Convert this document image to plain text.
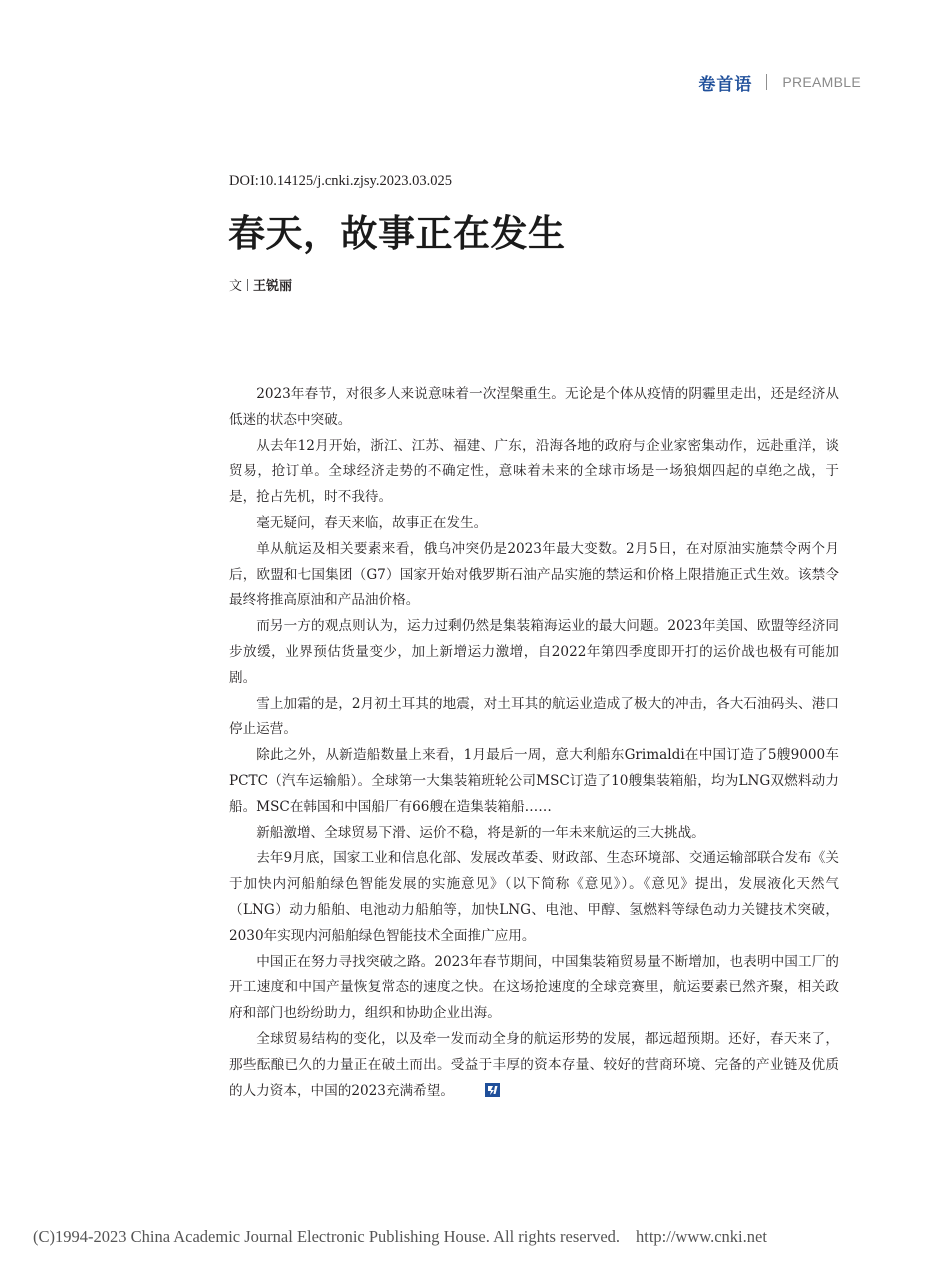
卷首语 PREAMBLE
DOI:10.14125/j.cnki.zjsy.2023.03.025
春天，故事正在发生
文 王锐丽

2023年春节，对很多人来说意味着一次涅槃重生。无论是个体从疫情的阴霾里走出，还是经济从低迷的状态中突破。

从去年12月开始，浙江、江苏、福建、广东，沿海各地的政府与企业家密集动作，远赴重洋，谈贸易，抢订单。全球经济走势的不确定性，意味着未来的全球市场是一场狼烟四起的卓绝之战，于是，抢占先机，时不我待。

毫无疑问，春天来临，故事正在发生。

单从航运及相关要素来看，俄乌冲突仍是2023年最大变数。2月5日，在对原油实施禁令两个月后，欧盟和七国集团（G7）国家开始对俄罗斯石油产品实施的禁运和价格上限措施正式生效。该禁令最终将推高原油和产品油价格。

而另一方的观点则认为，运力过剩仍然是集装箱海运业的最大问题。2023年美国、欧盟等经济同步放缓，业界预估货量变少，加上新增运力激增，自2022年第四季度即开打的运价战也极有可能加剧。

雪上加霜的是，2月初土耳其的地震，对土耳其的航运业造成了极大的冲击，各大石油码头、港口停止运营。

除此之外，从新造船数量上来看，1月最后一周，意大利船东Grimaldi在中国订造了5艘9000车PCTC（汽车运输船）。全球第一大集装箱班轮公司MSC订造了10艘集装箱船，均为LNG双燃料动力船。MSC在韩国和中国船厂有66艘在造集装箱船……

新船激增、全球贸易下滑、运价不稳，将是新的一年未来航运的三大挑战。

去年9月底，国家工业和信息化部、发展改革委、财政部、生态环境部、交通运输部联合发布《关于加快内河船舶绿色智能发展的实施意见》（以下简称《意见》）。《意见》提出，发展液化天然气（LNG）动力船舶、电池动力船舶等，加快LNG、电池、甲醇、氢燃料等绿色动力关键技术突破，2030年实现内河船舶绿色智能技术全面推广应用。

中国正在努力寻找突破之路。2023年春节期间，中国集装箱贸易量不断增加，也表明中国工厂的开工速度和中国产量恢复常态的速度之快。在这场抢速度的全球竞赛里，航运要素已然齐聚，相关政府和部门也纷纷助力，组织和协助企业出海。

全球贸易结构的变化，以及牵一发而动全身的航运形势的发展，都远超预期。还好，春天来了，那些酝酿已久的力量正在破土而出。受益于丰厚的资本存量、较好的营商环境、完备的产业链及优质的人力资本，中国的2023充满希望。

(C)1994-2023 China Academic Journal Electronic Publishing House. All rights reserved. http://www.cnki.net
